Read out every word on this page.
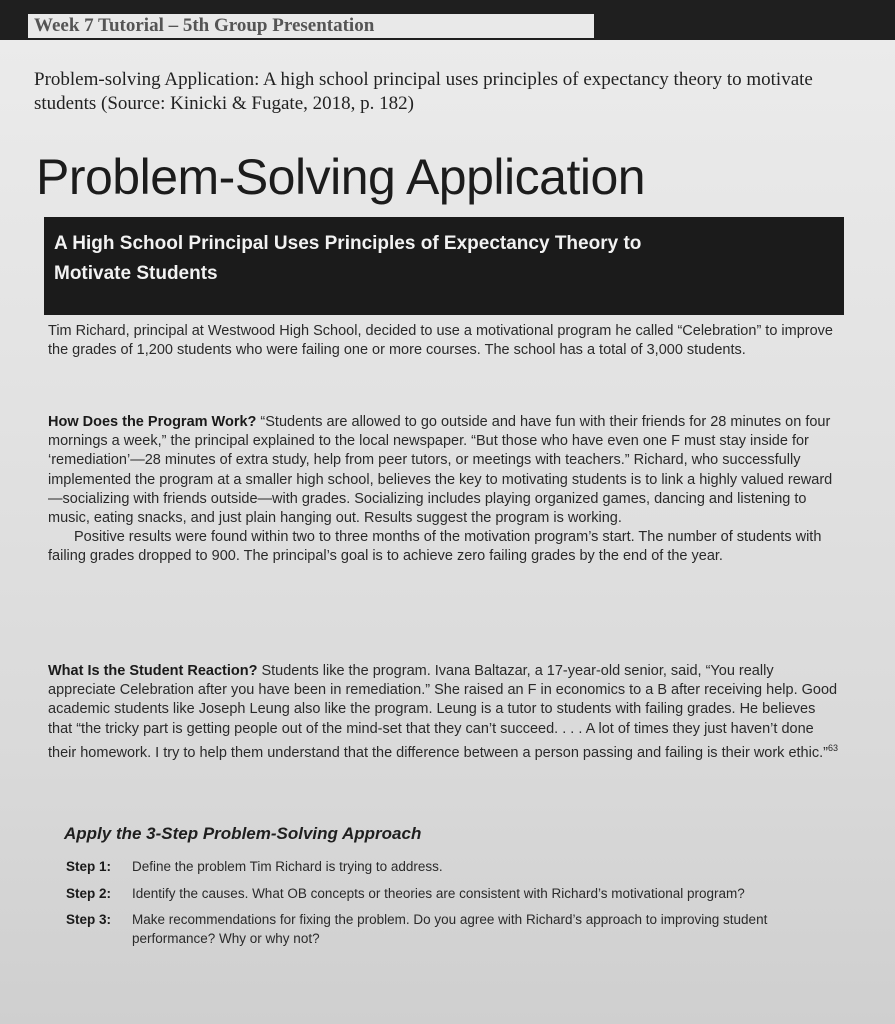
Week 7 Tutorial – 5th Group Presentation
Problem-solving Application: A high school principal uses principles of expectancy theory to motivate students (Source: Kinicki & Fugate, 2018, p. 182)
Problem-Solving Application
A High School Principal Uses Principles of Expectancy Theory to Motivate Students

Tim Richard, principal at Westwood High School, decided to use a motivational program he called “Celebration” to improve the grades of 1,200 students who were failing one or more courses. The school has a total of 3,000 students.

How Does the Program Work? “Students are allowed to go outside and have fun with their friends for 28 minutes on four mornings a week,” the principal explained to the local newspaper. “But those who have even one F must stay inside for ‘remediation’—28 minutes of extra study, help from peer tutors, or meetings with teachers.” Richard, who successfully implemented the program at a smaller high school, believes the key to motivating students is to link a highly valued reward—socializing with friends outside—with grades. Socializing includes playing organized games, dancing and listening to music, eating snacks, and just plain hanging out. Results suggest the program is working.

Positive results were found within two to three months of the motivation program’s start. The number of students with failing grades dropped to 900. The principal’s goal is to achieve zero failing grades by the end of the year.

What Is the Student Reaction? Students like the program. Ivana Baltazar, a 17-year-old senior, said, “You really appreciate Celebration after you have been in remediation.” She raised an F in economics to a B after receiving help. Good academic students like Joseph Leung also like the program. Leung is a tutor to students with failing grades. He believes that “the tricky part is getting people out of the mind-set that they can’t succeed. . . . A lot of times they just haven’t done their homework. I try to help them understand that the difference between a person passing and failing is their work ethic.”$^{63}$

Apply the 3-Step Problem-Solving Approach
Step 1:	Define the problem Tim Richard is trying to address.
Step 2:	Identify the causes. What OB concepts or theories are consistent with Richard’s motivational program?
Step 3:	Make recommendations for fixing the problem. Do you agree with Richard’s approach to improving student performance? Why or why not?
